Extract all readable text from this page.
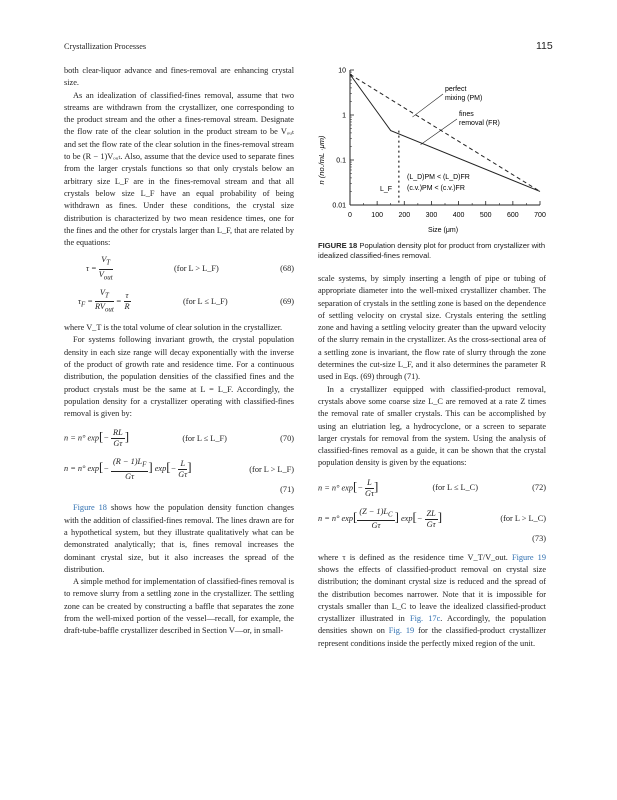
Crystallization Processes	115

both clear-liquor advance and fines-removal are enhancing crystal size.

As an idealization of classified-fines removal, assume that two streams are withdrawn from the crystallizer, one corresponding to the product stream and the other a fines-removal stream. Designate the flow rate of the clear solution in the product stream to be Vₒᵤₜ and set the flow rate of the clear solution in the fines-removal stream to be (R − 1)Vₒᵤₜ. Also, assume that the device used to separate fines from the larger crystals functions so that only crystals below an arbitrary size L_F are in the fines-removal stream and that all crystals below size L_F have an equal probability of being withdrawn as fines. Under these conditions, the crystal size distribution is characterized by two mean residence times, one for the fines and the other for crystals larger than L_F, that are related by the equations:

$\tau = \frac{V_T}{V_{out}}$	(for L > L_F)	(68)
$\tau_F = \frac{V_T}{RV_{out}} = \frac{\tau}{R}$	(for L ≤ L_F)	(69)

where V_T is the total volume of clear solution in the crystallizer.

For systems following invariant growth, the crystal population density in each size range will decay exponentially with the inverse of the product of growth rate and residence time. For a continuous distribution, the population densities of the classified fines and the product crystals must be the same at L = L_F. Accordingly, the population density for a crystallizer operating with classified-fines removal is given by:

n = n° $\exp[- \frac{RL}{G\tau}$ ]	(for L ≤ L_F)	(70)
n = n° $\exp[- \frac{(R - 1)L_F}{G\tau}$ ] $\exp[- \frac{L}{G\tau}$ ]	(for L > L_F)
(71)

Figure 18 shows how the population density function changes with the addition of classified-fines removal. The lines drawn are for a hypothetical system, but they illustrate qualitatively what can be demonstrated analytically; that is, fines removal increases the dominant crystal size, but it also increases the spread of the distribution.

A simple method for implementation of classified-fines removal is to remove slurry from a settling zone in the crystallizer. The settling zone can be created by constructing a baffle that separates the zone from the well-mixed portion of the vessel—recall, for example, the draft-tube-baffle crystallizer described in Section V—or, in small-

n (no./mL ·μm)
Size (μm)
10
1
0.1
0.01
0	100 200 300 400 500 600 700
perfect
mixing (PM)
fines
removal (FR)
L_F
(L_D)PM < (L_D)FR
(c.v.)PM < (c.v.)FR
FIGURE 18 Population density plot for product from crystallizer with idealized classified-fines removal.

scale systems, by simply inserting a length of pipe or tubing of appropriate diameter into the well-mixed crystallizer chamber. The separation of crystals in the settling zone is based on the dependence of settling velocity on crystal size. Crystals entering the settling zone and having a settling velocity greater than the upward velocity of the slurry remain in the crystallizer. As the cross-sectional area of a settling zone is invariant, the flow rate of slurry through the zone determines the cut-size L_F, and it also determines the parameter R used in Eqs. (69) through (71).

In a crystallizer equipped with classified-product removal, crystals above some coarse size L_C are removed at a rate Z times the removal rate of smaller crystals. This can be accomplished by using an elutriation leg, a hydrocyclone, or a screen to separate larger crystals for removal from the system. Using the analysis of classified-fines removal as a guide, it can be shown that the crystal population density is given by the equations:

n = n° $\exp[- \frac{L}{G\tau}$ ]	(for L ≤ L_C)	(72)
n = n° $\exp[ \frac{(Z - 1)L_C}{G\tau}$ ] $\exp[- \frac{ZL}{G\tau}$ ]	(for L > L_C)
(73)

where τ is defined as the residence time V_T/V_out. Figure 19 shows the effects of classified-product removal on crystal size distribution; the dominant crystal size is reduced and the spread of the distribution becomes narrower. Note that it is impossible for crystals smaller than L_C to leave the idealized classified-product crystallizer illustrated in Fig. 17c. Accordingly, the population densities shown on Fig. 19 for the classified-product crystallizer represent conditions inside the perfectly mixed region of the unit.
